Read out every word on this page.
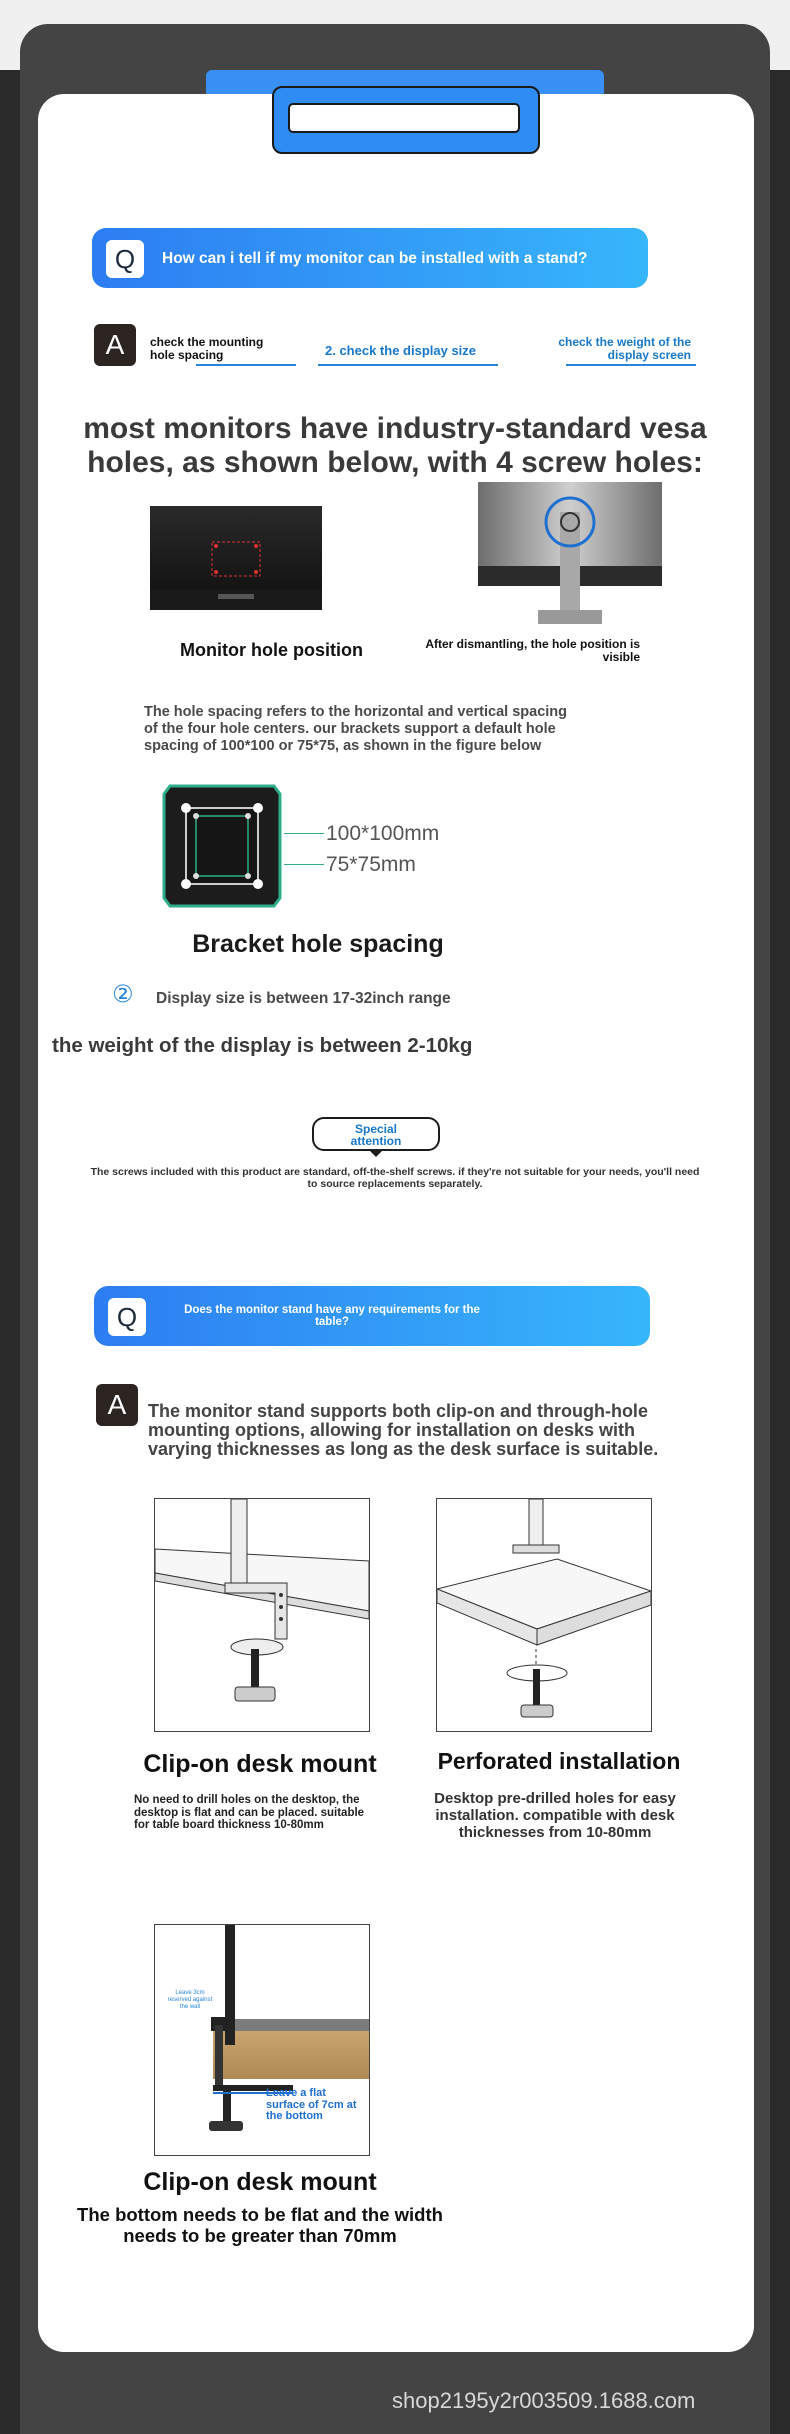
Q	How can i tell if my monitor can be installed with a stand?
A	check the mounting
hole spacing	2. check the display size
check the weight of the
display screen
most monitors have industry-standard vesa
holes, as shown below, with 4 screw holes:
Monitor hole position	After dismantling, the hole position is
visible
The hole spacing refers to the horizontal and vertical spacing
of the four hole centers. our brackets support a default hole
spacing of 100*100 or 75*75, as shown in the figure below
100*100mm
75*75mm
Bracket hole spacing
② Display size is between 17-32inch range
the weight of the display is between 2-10kg
Special
attention
The screws included with this product are standard, off-the-shelf screws. if they're not suitable for your needs, you'll need
to source replacements separately.
Q	Does the monitor stand have any requirements for the
table?
A	The monitor stand supports both clip-on and through-hole
mounting options, allowing for installation on desks with
varying thicknesses as long as the desk surface is suitable.
Clip-on desk mount	Perforated installation
No need to drill holes on the desktop, the
desktop is flat and can be placed. suitable
for table board thickness 10-80mm
Desktop pre-drilled holes for easy
installation. compatible with desk
thicknesses from 10-80mm
Leave 3cm
reserved against
the wall
Leave a flat
surface of 7cm at
the bottom
Clip-on desk mount
The bottom needs to be flat and the width
needs to be greater than 70mm
shop2195y2r003509.1688.com
